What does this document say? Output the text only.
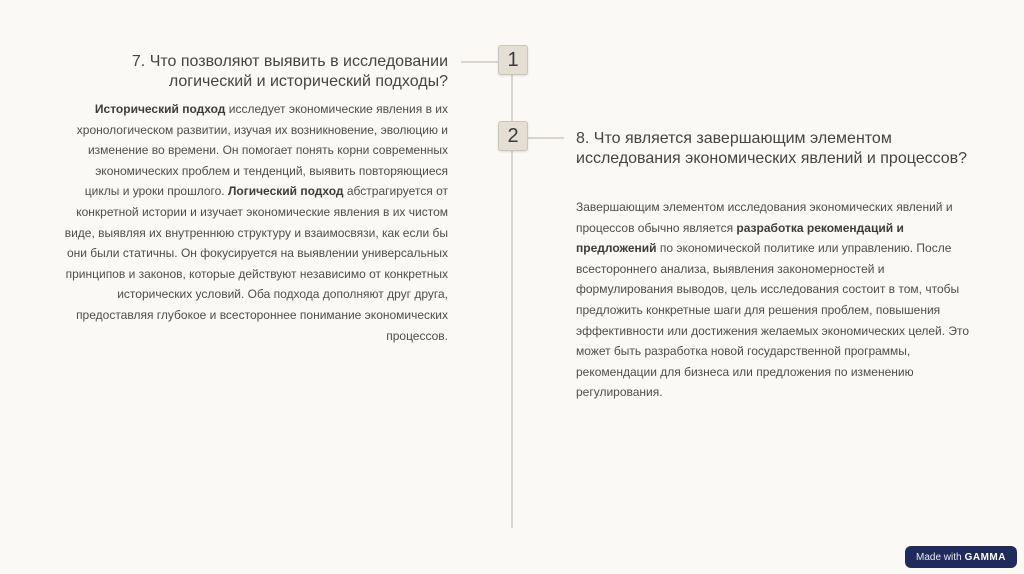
1
2
7. Что позволяют выявить в исследовании
логический и исторический подходы?
Исторический подход исследует экономические явления в их хронологическом развитии, изучая их возникновение, эволюцию и изменение во времени. Он помогает понять корни современных экономических проблем и тенденций, выявить повторяющиеся циклы и уроки прошлого. Логический подход абстрагируется от конкретной истории и изучает экономические явления в их чистом виде, выявляя их внутреннюю структуру и взаимосвязи, как если бы они были статичны. Он фокусируется на выявлении универсальных принципов и законов, которые действуют независимо от конкретных исторических условий. Оба подхода дополняют друг друга, предоставляя глубокое и всестороннее понимание экономических процессов.
8. Что является завершающим элементом
исследования экономических явлений и процессов?
Завершающим элементом исследования экономических явлений и процессов обычно является разработка рекомендаций и предложений по экономической политике или управлению. После всестороннего анализа, выявления закономерностей и формулирования выводов, цель исследования состоит в том, чтобы предложить конкретные шаги для решения проблем, повышения эффективности или достижения желаемых экономических целей. Это может быть разработка новой государственной программы, рекомендации для бизнеса или предложения по изменению регулирования.
Made with GAMMA
